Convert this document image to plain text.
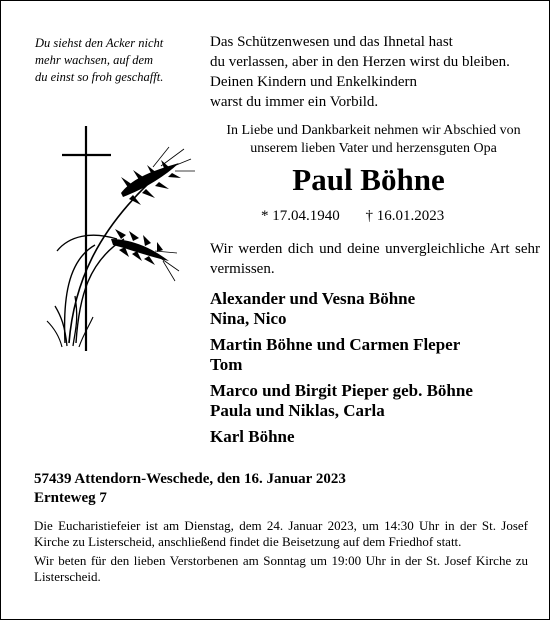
Du siehst den Acker nicht
mehr wachsen, auf dem
du einst so froh geschafft.
Das Schützenwesen und das Ihnetal hast
du verlassen, aber in den Herzen wirst du bleiben.
Deinen Kindern und Enkelkindern
warst du immer ein Vorbild.
In Liebe und Dankbarkeit nehmen wir Abschied von
unserem lieben Vater und herzensguten Opa
Paul Böhne
* 17.04.1940 † 16.01.2023
Wir werden dich und deine unvergleichliche Art sehr vermissen.
Alexander und Vesna Böhne
Nina, Nico
Martin Böhne und Carmen Fleper
Tom
Marco und Birgit Pieper geb. Böhne
Paula und Niklas, Carla
Karl Böhne
57439 Attendorn-Weschede, den 16. Januar 2023
Ernteweg 7

Die Eucharistiefeier ist am Dienstag, dem 24. Januar 2023, um 14:30 Uhr in der St. Josef Kirche zu Listerscheid, anschließend findet die Beisetzung auf dem Friedhof statt.

Wir beten für den lieben Verstorbenen am Sonntag um 19:00 Uhr in der St. Josef Kirche zu Listerscheid.
